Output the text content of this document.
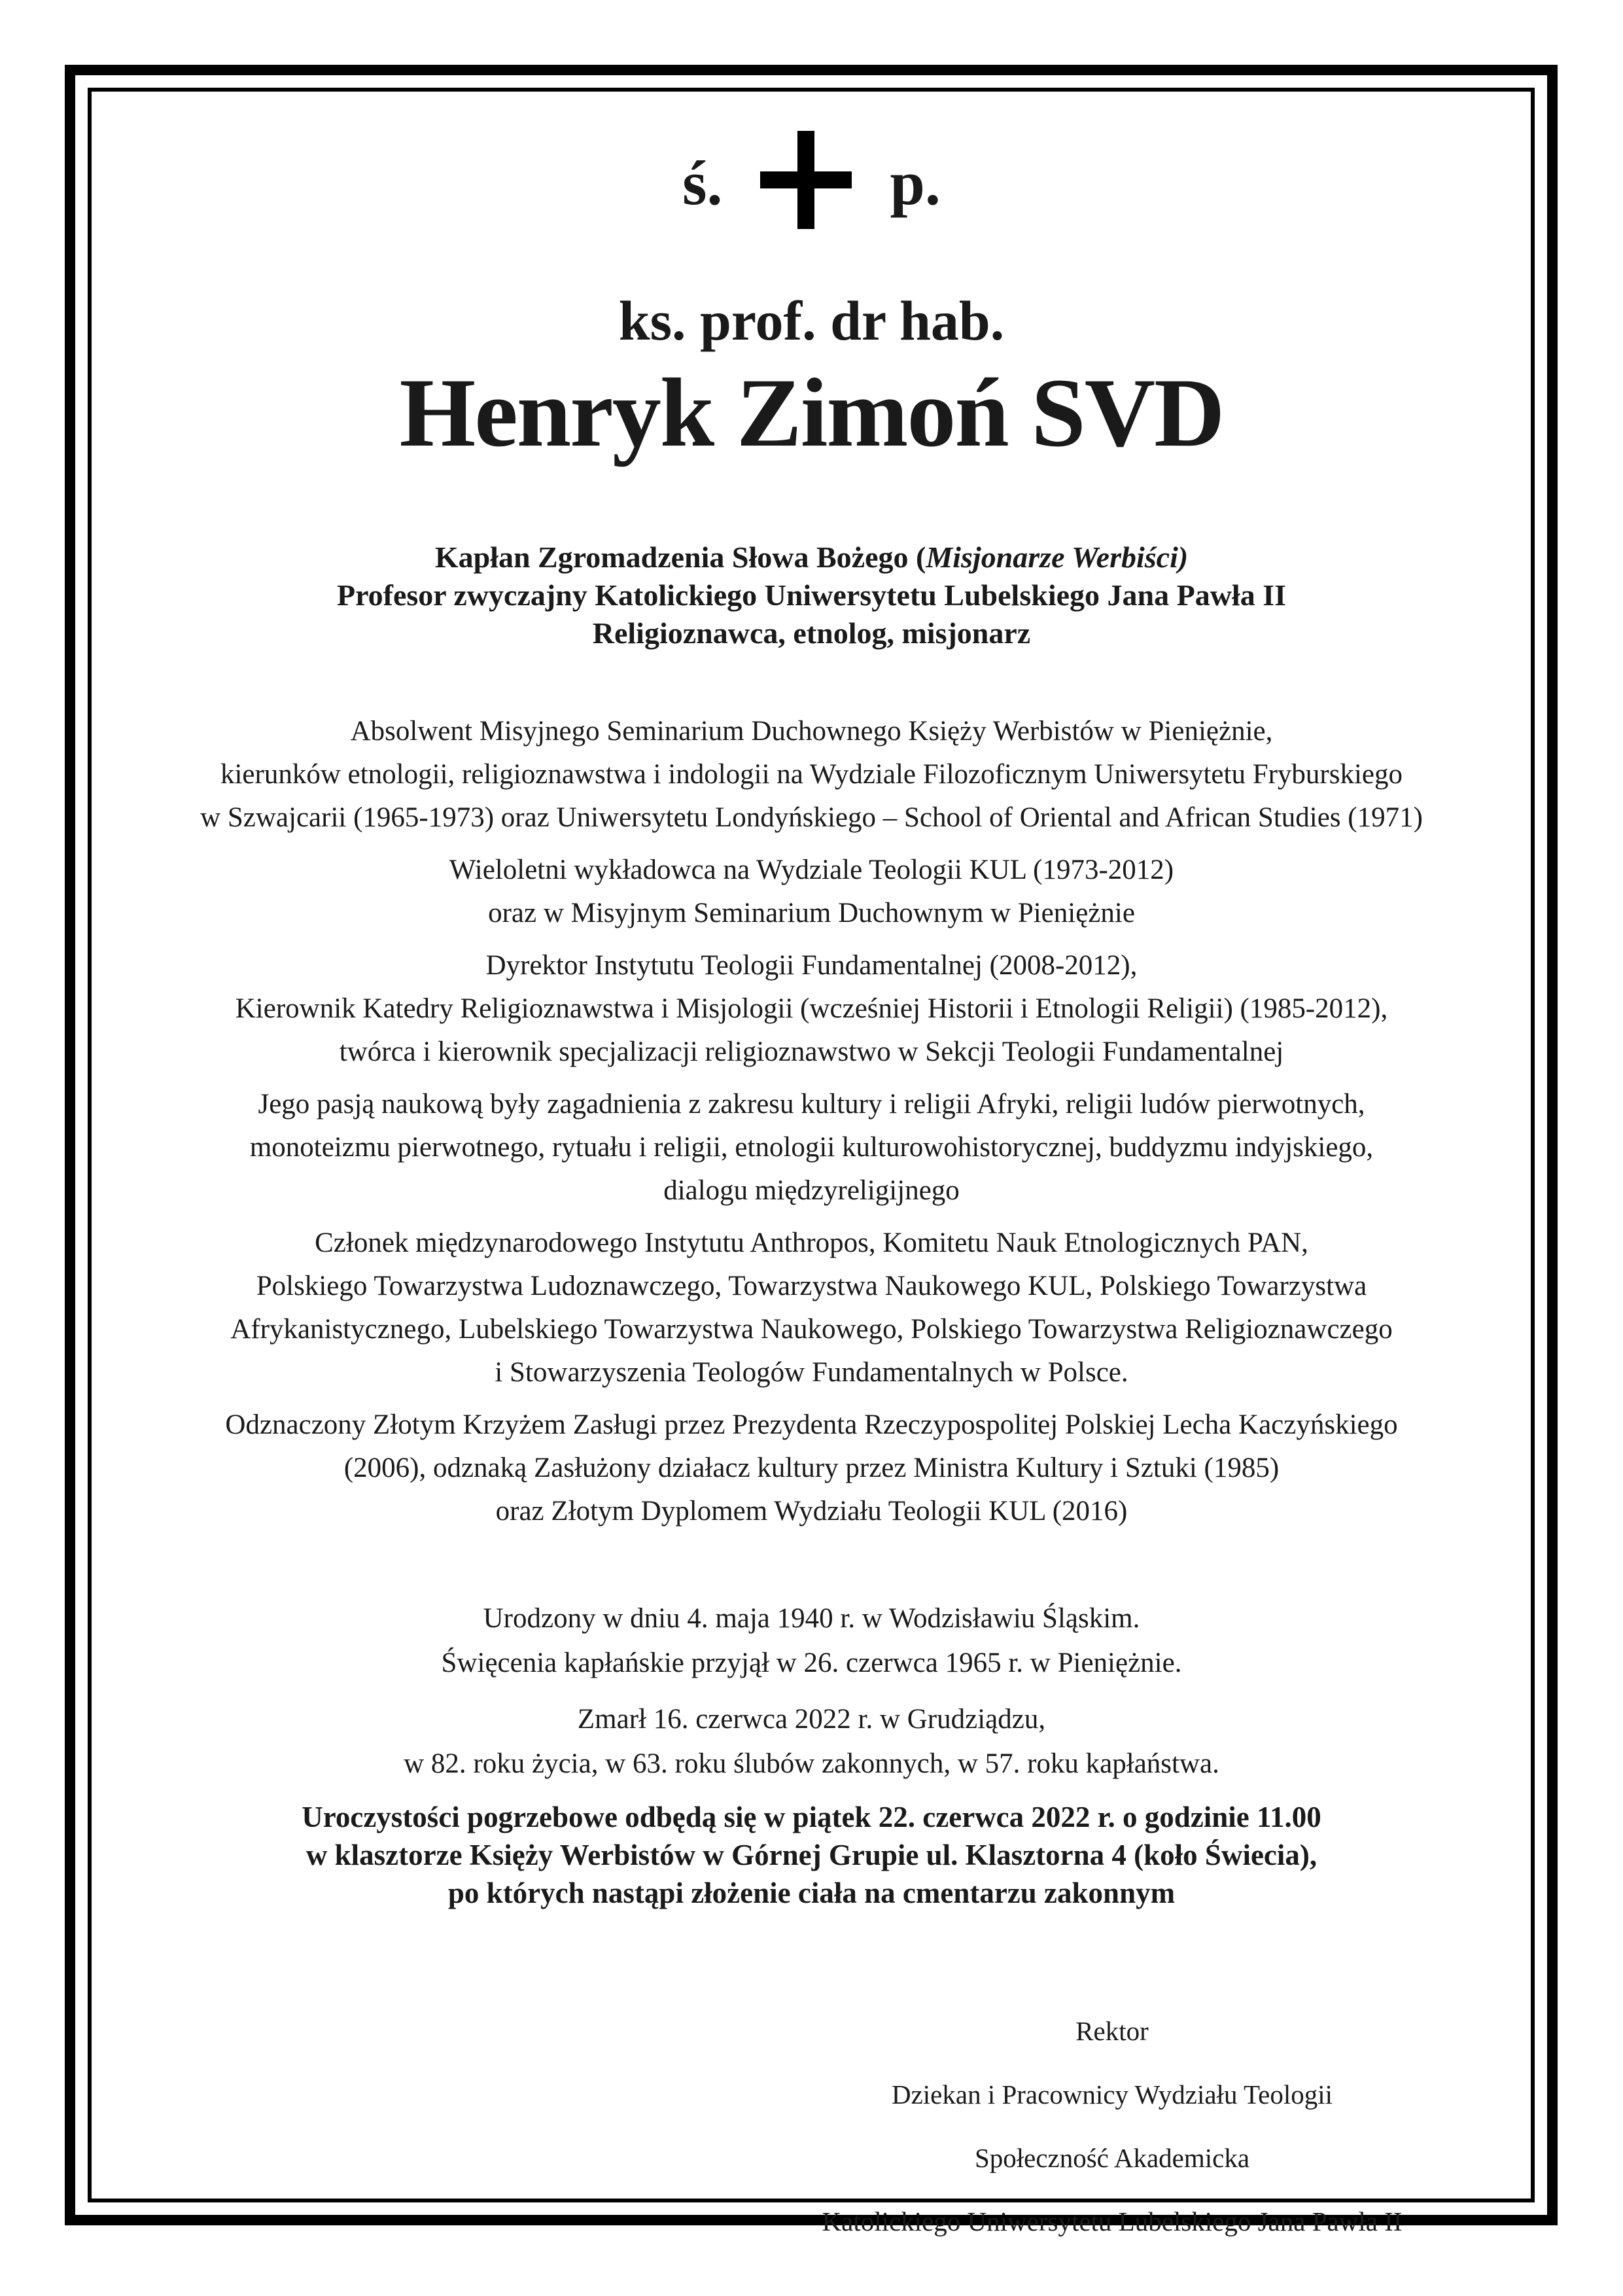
ś.	p.
ks. prof. dr hab.
Henryk Zimoń SVD

Kapłan Zgromadzenia Słowa Bożego (Misjonarze Werbiści)

Profesor zwyczajny Katolickiego Uniwersytetu Lubelskiego Jana Pawła II

Religioznawca, etnolog, misjonarz

Absolwent Misyjnego Seminarium Duchownego Księży Werbistów w Pieniężnie,

kierunków etnologii, religioznawstwa i indologii na Wydziale Filozoficznym Uniwersytetu Fryburskiego

w Szwajcarii (1965-1973) oraz Uniwersytetu Londyńskiego – School of Oriental and African Studies (1971)

Wieloletni wykładowca na Wydziale Teologii KUL (1973-2012)

oraz w Misyjnym Seminarium Duchownym w Pieniężnie

Dyrektor Instytutu Teologii Fundamentalnej (2008-2012),

Kierownik Katedry Religioznawstwa i Misjologii (wcześniej Historii i Etnologii Religii) (1985-2012),

twórca i kierownik specjalizacji religioznawstwo w Sekcji Teologii Fundamentalnej

Jego pasją naukową były zagadnienia z zakresu kultury i religii Afryki, religii ludów pierwotnych,

monoteizmu pierwotnego, rytuału i religii, etnologii kulturowohistorycznej, buddyzmu indyjskiego,

dialogu międzyreligijnego

Członek międzynarodowego Instytutu Anthropos, Komitetu Nauk Etnologicznych PAN,

Polskiego Towarzystwa Ludoznawczego, Towarzystwa Naukowego KUL, Polskiego Towarzystwa

Afrykanistycznego, Lubelskiego Towarzystwa Naukowego, Polskiego Towarzystwa Religioznawczego

i Stowarzyszenia Teologów Fundamentalnych w Polsce.

Odznaczony Złotym Krzyżem Zasługi przez Prezydenta Rzeczypospolitej Polskiej Lecha Kaczyńskiego

(2006), odznaką Zasłużony działacz kultury przez Ministra Kultury i Sztuki (1985)

oraz Złotym Dyplomem Wydziału Teologii KUL (2016)

Urodzony w dniu 4. maja 1940 r. w Wodzisławiu Śląskim.

Święcenia kapłańskie przyjął w 26. czerwca 1965 r. w Pieniężnie.

Zmarł 16. czerwca 2022 r. w Grudziądzu,

w 82. roku życia, w 63. roku ślubów zakonnych, w 57. roku kapłaństwa.

Uroczystości pogrzebowe odbędą się w piątek 22. czerwca 2022 r. o godzinie 11.00

w klasztorze Księży Werbistów w Górnej Grupie ul. Klasztorna 4 (koło Świecia),

po których nastąpi złożenie ciała na cmentarzu zakonnym

Rektor

Dziekan i Pracownicy Wydziału Teologii

Społeczność Akademicka

Katolickiego Uniwersytetu Lubelskiego Jana Pawła II
